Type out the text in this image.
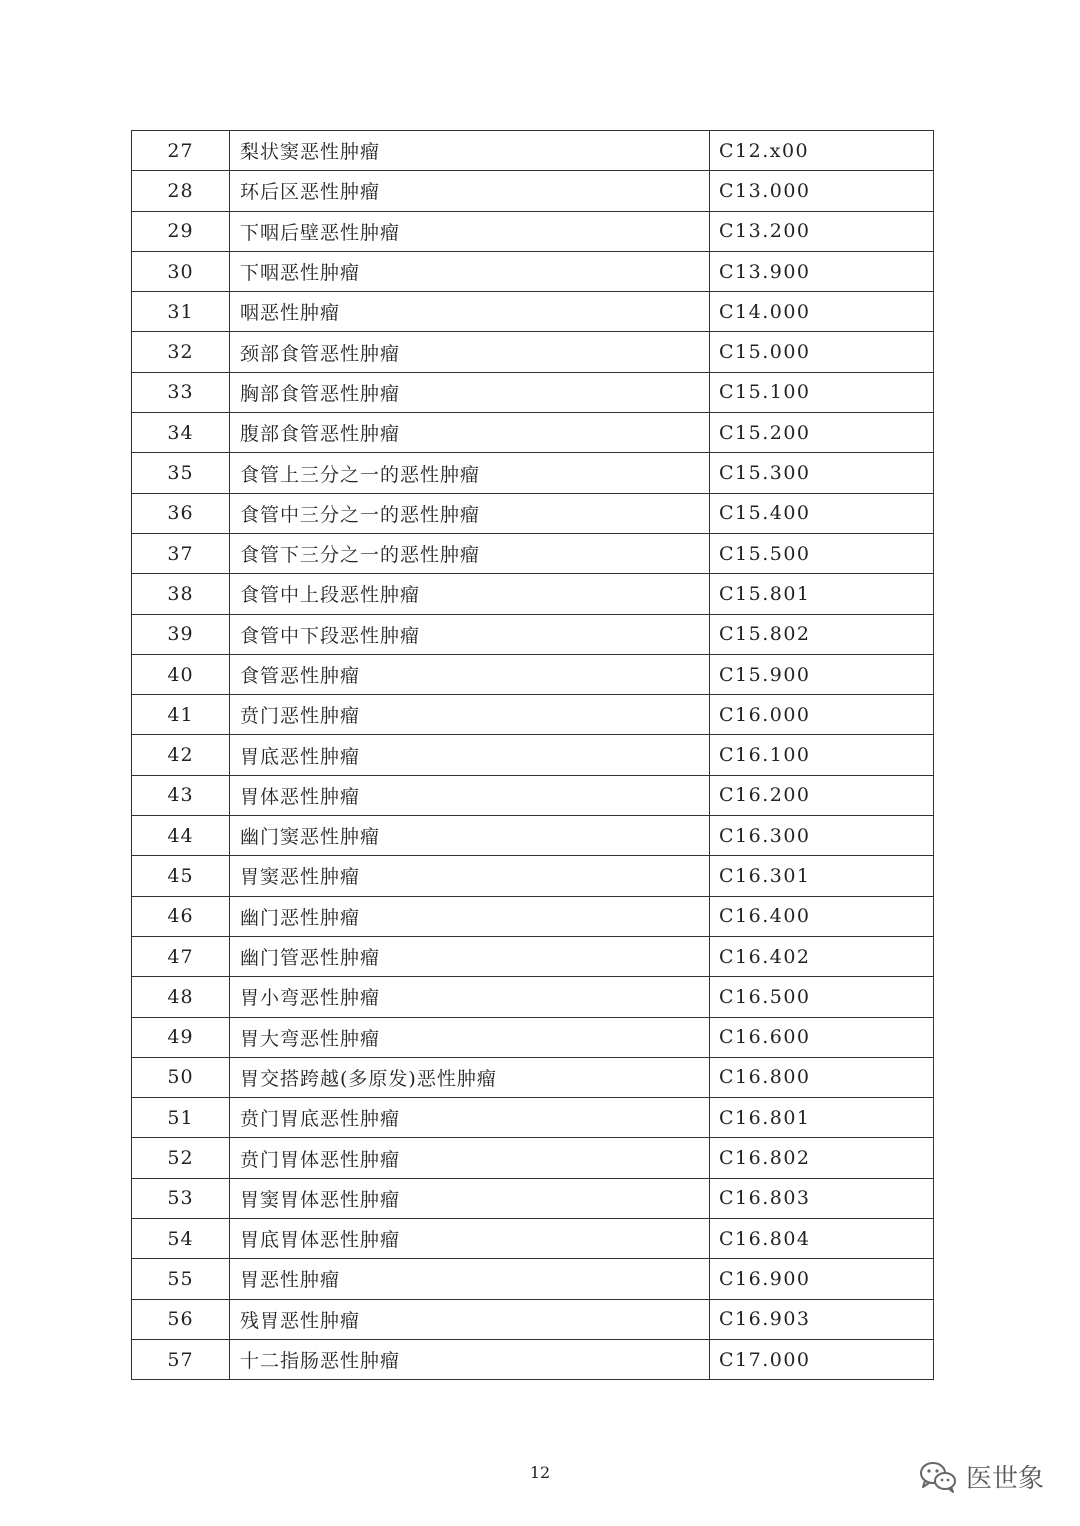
27	梨状窦恶性肿瘤	C12.x00
28	环后区恶性肿瘤	C13.000
29	下咽后壁恶性肿瘤	C13.200
30	下咽恶性肿瘤	C13.900
31	咽恶性肿瘤	C14.000
32	颈部食管恶性肿瘤	C15.000
33	胸部食管恶性肿瘤	C15.100
34	腹部食管恶性肿瘤	C15.200
35	食管上三分之一的恶性肿瘤	C15.300
36	食管中三分之一的恶性肿瘤	C15.400
37	食管下三分之一的恶性肿瘤	C15.500
38	食管中上段恶性肿瘤	C15.801
39	食管中下段恶性肿瘤	C15.802
40	食管恶性肿瘤	C15.900
41	贲门恶性肿瘤	C16.000
42	胃底恶性肿瘤	C16.100
43	胃体恶性肿瘤	C16.200
44	幽门窦恶性肿瘤	C16.300
45	胃窦恶性肿瘤	C16.301
46	幽门恶性肿瘤	C16.400
47	幽门管恶性肿瘤	C16.402
48	胃小弯恶性肿瘤	C16.500
49	胃大弯恶性肿瘤	C16.600
50	胃交搭跨越(多原发)恶性肿瘤	C16.800
51	贲门胃底恶性肿瘤	C16.801
52	贲门胃体恶性肿瘤	C16.802
53	胃窦胃体恶性肿瘤	C16.803
54	胃底胃体恶性肿瘤	C16.804
55	胃恶性肿瘤	C16.900
56	残胃恶性肿瘤	C16.903
57	十二指肠恶性肿瘤	C17.000
12	医世象
